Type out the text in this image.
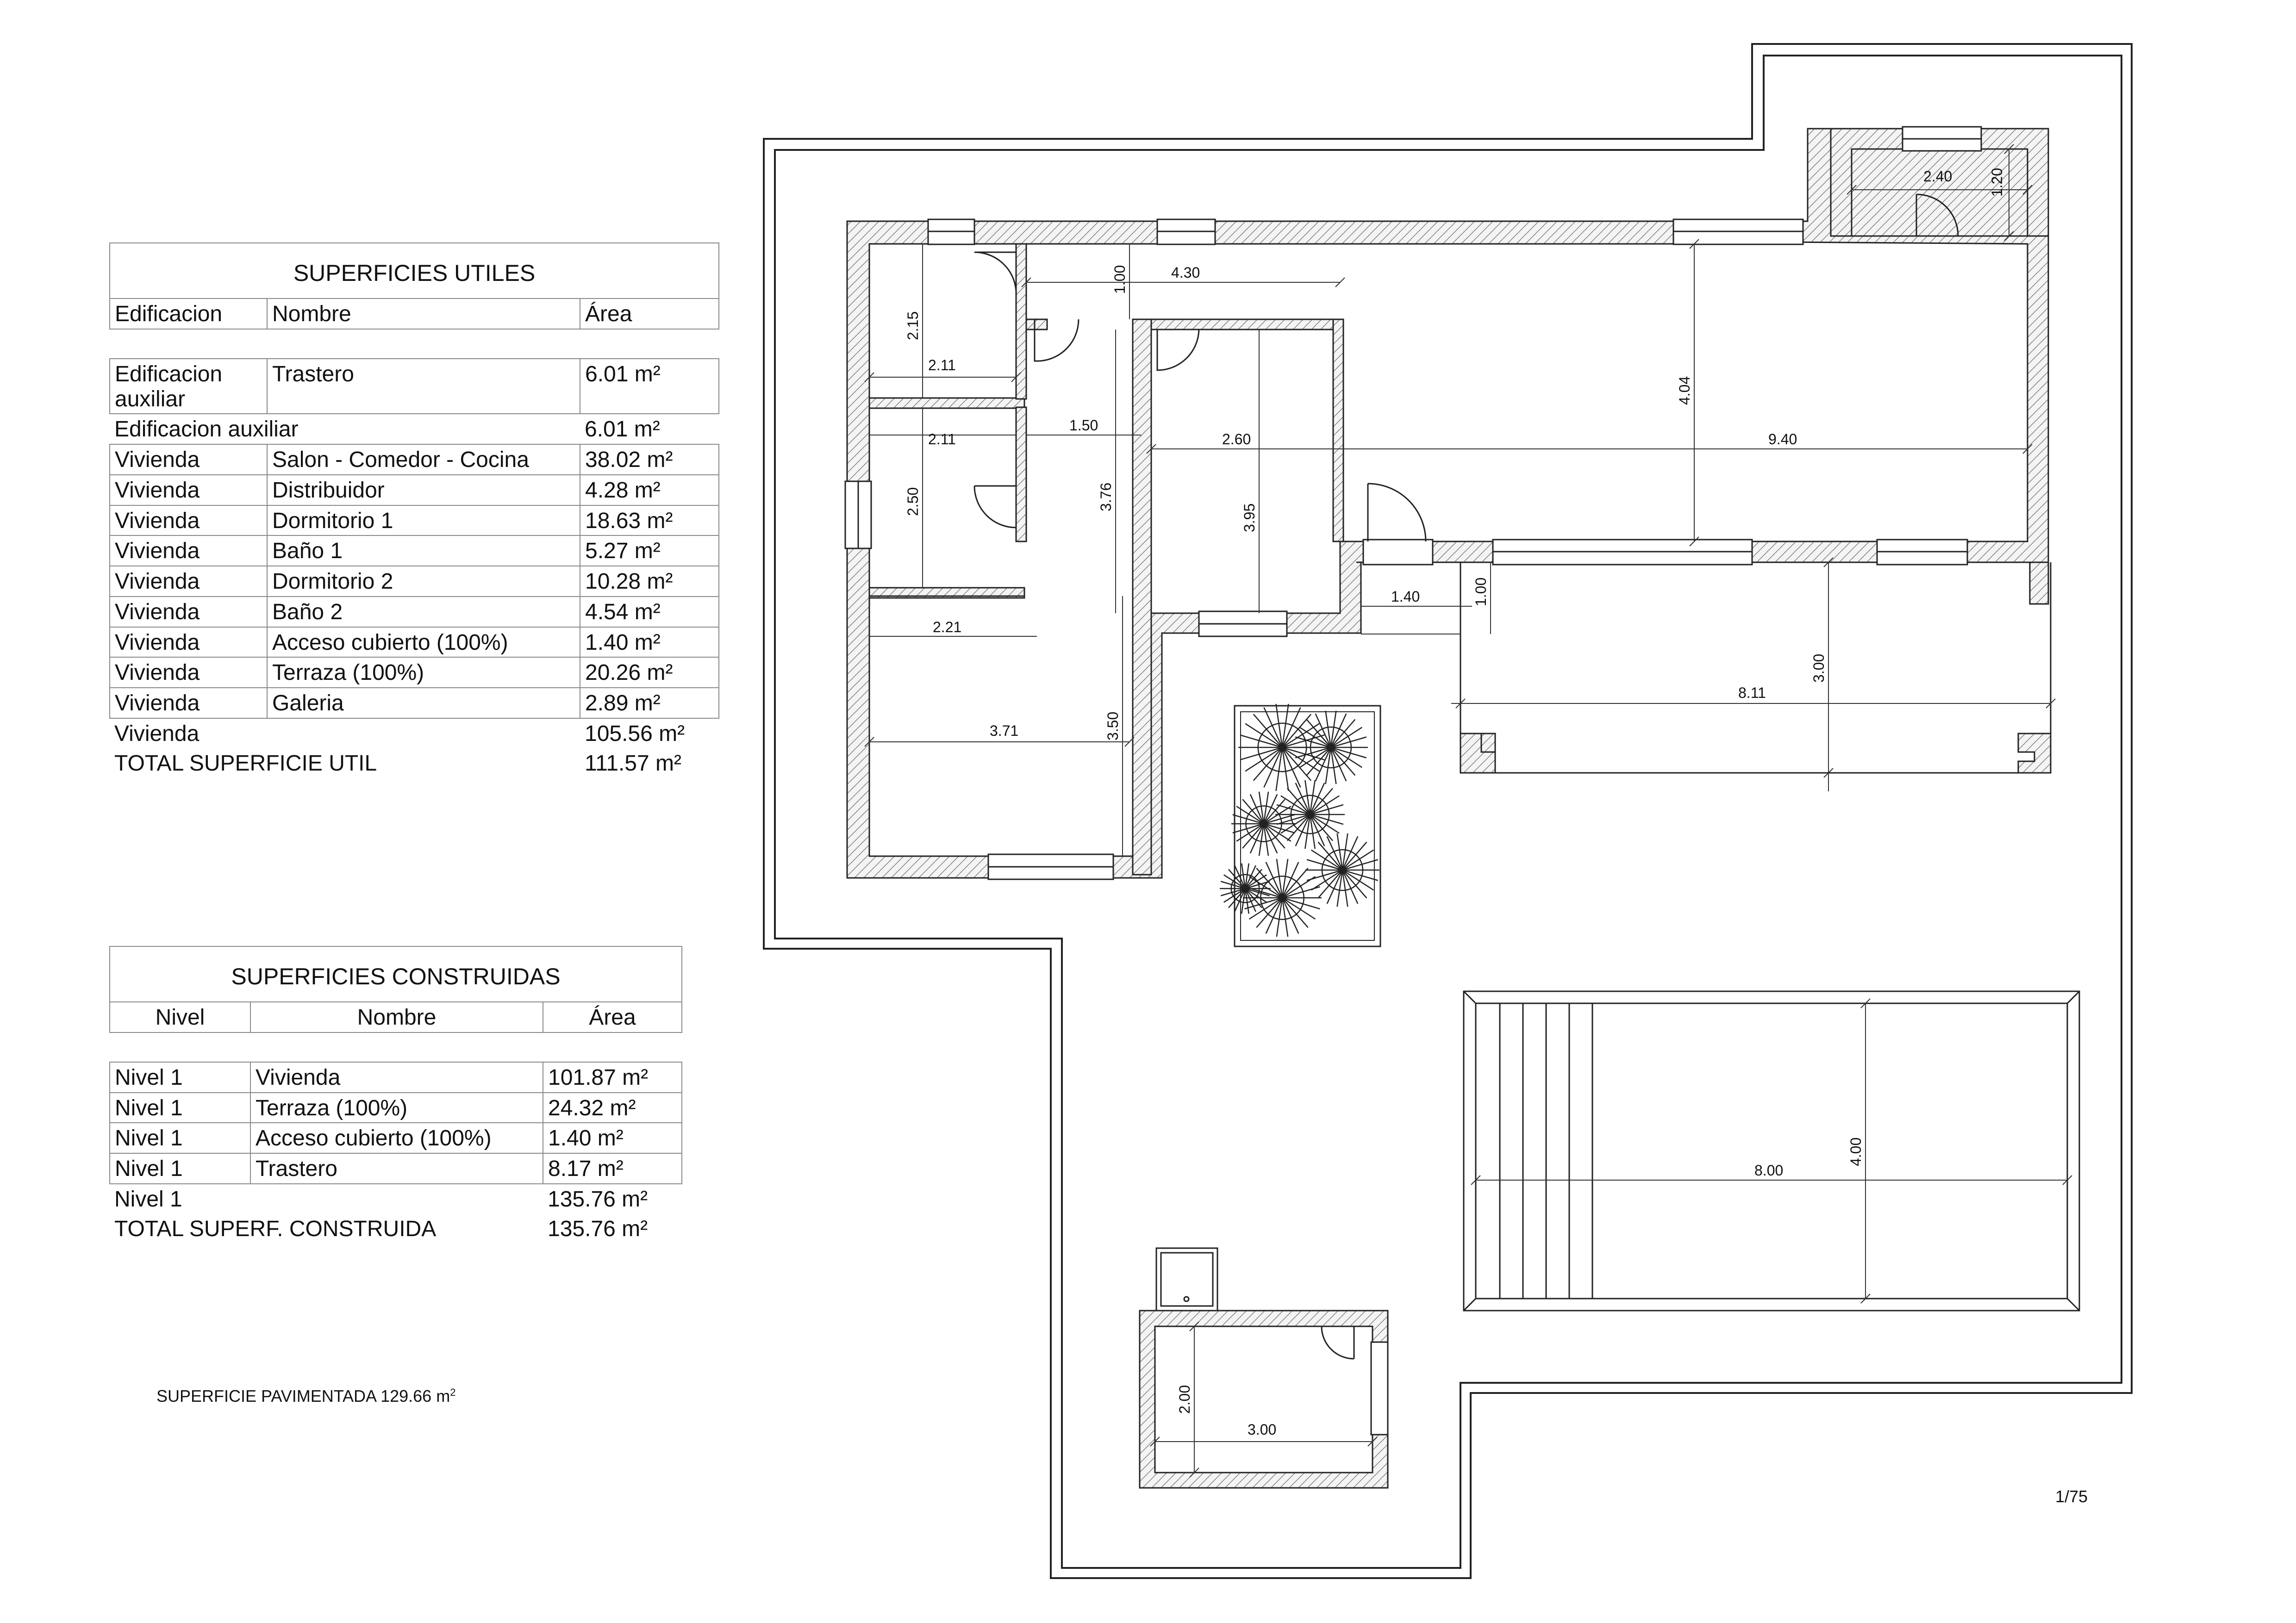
SUPERFICIES UTILES		
Edificacion	Nombre	Área

Edificacion auxiliar	Trastero	6.01 m²
Edificacion auxiliar		6.01 m²
Vivienda	Salon - Comedor - Cocina	38.02 m²
Vivienda	Distribuidor	4.28 m²
Vivienda	Dormitorio 1	18.63 m²
Vivienda	Baño 1	5.27 m²
Vivienda	Dormitorio 2	10.28 m²
Vivienda	Baño 2	4.54 m²
Vivienda	Acceso cubierto (100%)	1.40 m²
Vivienda	Terraza (100%)	20.26 m²
Vivienda	Galeria	2.89 m²
Vivienda		105.56 m²
TOTAL SUPERFICIE UTIL		111.57 m²
SUPERFICIES CONSTRUIDAS		
Nivel	Nombre	Área

Nivel 1	Vivienda	101.87 m²
Nivel 1	Terraza (100%)	24.32 m²
Nivel 1	Acceso cubierto (100%)	1.40 m²
Nivel 1	Trastero	8.17 m²
Nivel 1		135.76 m²
TOTAL SUPERF. CONSTRUIDA		135.76 m²
SUPERFICIE PAVIMENTADA 129.66 $m^2$
1/75
2.40 1.20
1.00	4.30
2.15
2.11
2.11
1.50
2.60	9.40
4.04
2.50	3.76
3.95
1.40	1.00
2.21
3.00
8.11
3.71	3.50
4.00
8.00
2.00
3.00
